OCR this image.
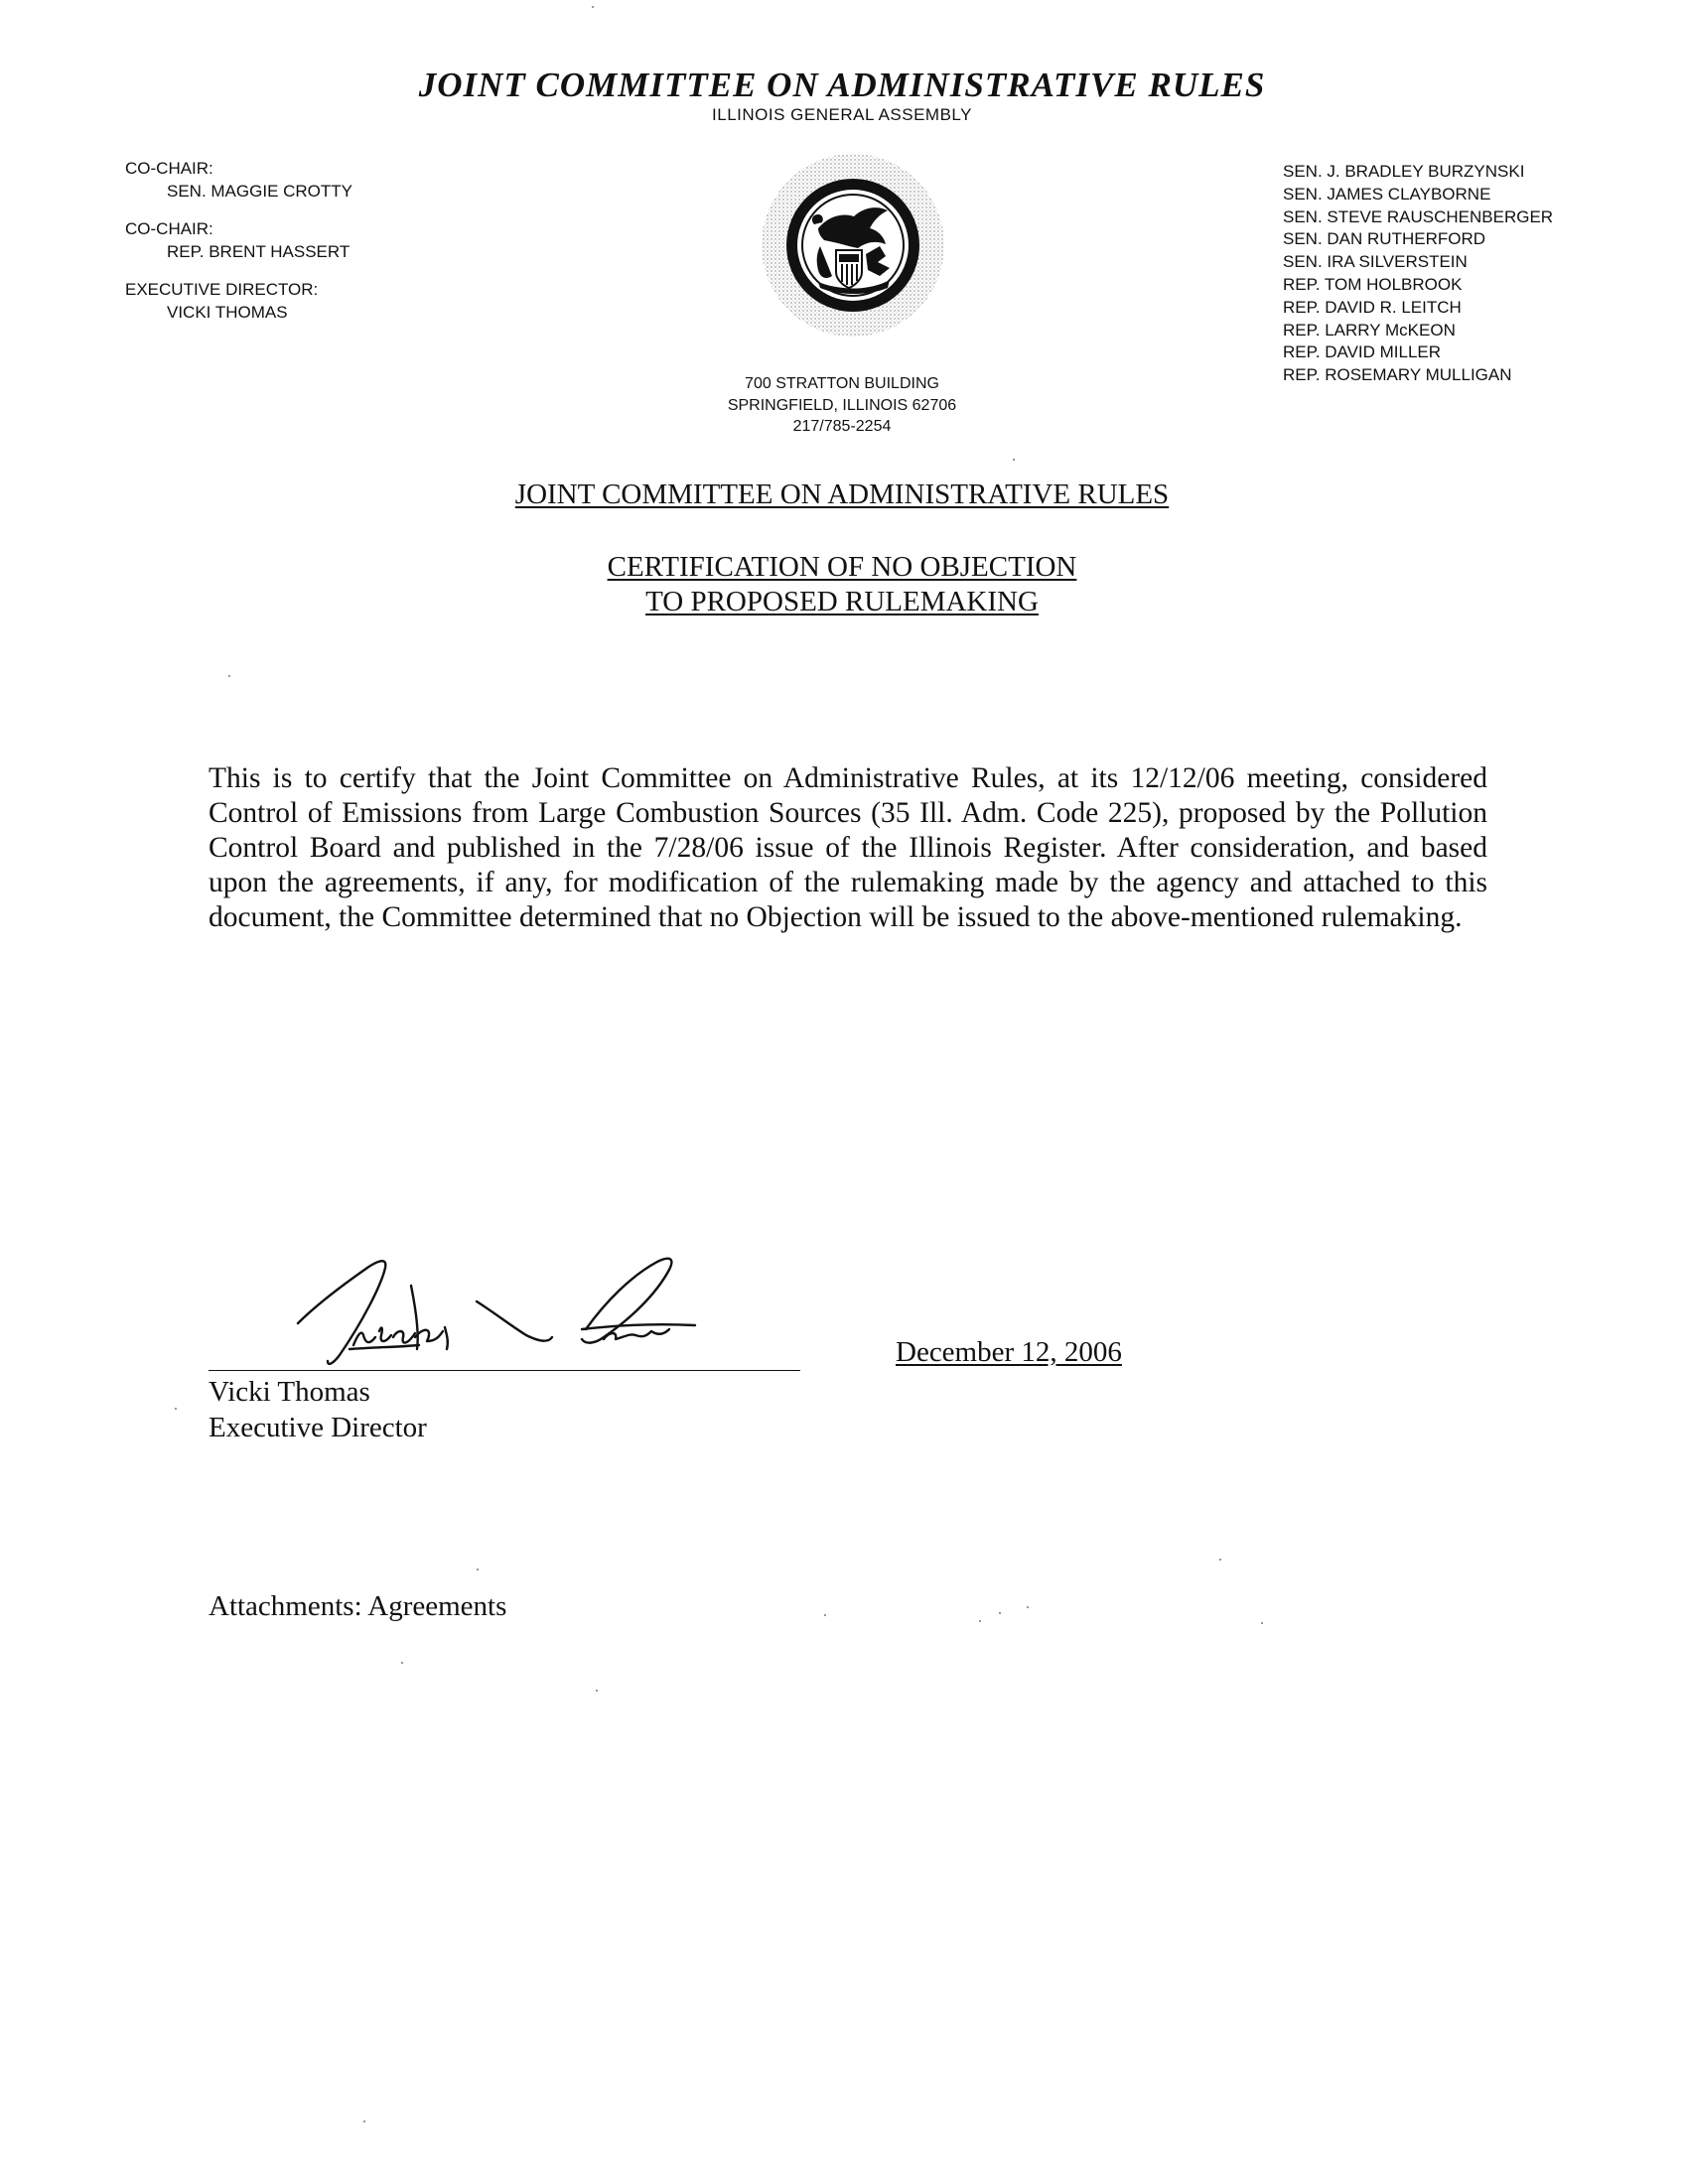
JOINT COMMITTEE ON ADMINISTRATIVE RULES
ILLINOIS GENERAL ASSEMBLY
CO-CHAIR:
SEN. MAGGIE CROTTY
CO-CHAIR:
REP. BRENT HASSERT
EXECUTIVE DIRECTOR:
VICKI THOMAS
SEN. J. BRADLEY BURZYNSKI
SEN. JAMES CLAYBORNE
SEN. STEVE RAUSCHENBERGER
SEN. DAN RUTHERFORD
SEN. IRA SILVERSTEIN
REP. TOM HOLBROOK
REP. DAVID R. LEITCH
REP. LARRY McKEON
REP. DAVID MILLER
REP. ROSEMARY MULLIGAN
700 STRATTON BUILDING
SPRINGFIELD, ILLINOIS 62706
217/785-2254
JOINT COMMITTEE ON ADMINISTRATIVE RULES
CERTIFICATION OF NO OBJECTION
TO PROPOSED RULEMAKING

This is to certify that the Joint Committee on Administrative Rules, at its 12/12/06 meeting, considered Control of Emissions from Large Combustion Sources (35 Ill. Adm. Code 225), proposed by the Pollution Control Board and published in the 7/28/06 issue of the Illinois Register. After consideration, and based upon the agreements, if any, for modification of the rulemaking made by the agency and attached to this document, the Committee determined that no Objection will be issued to the above-mentioned rulemaking.

Vicki Thomas
Executive Director
December 12, 2006
Attachments: Agreements
